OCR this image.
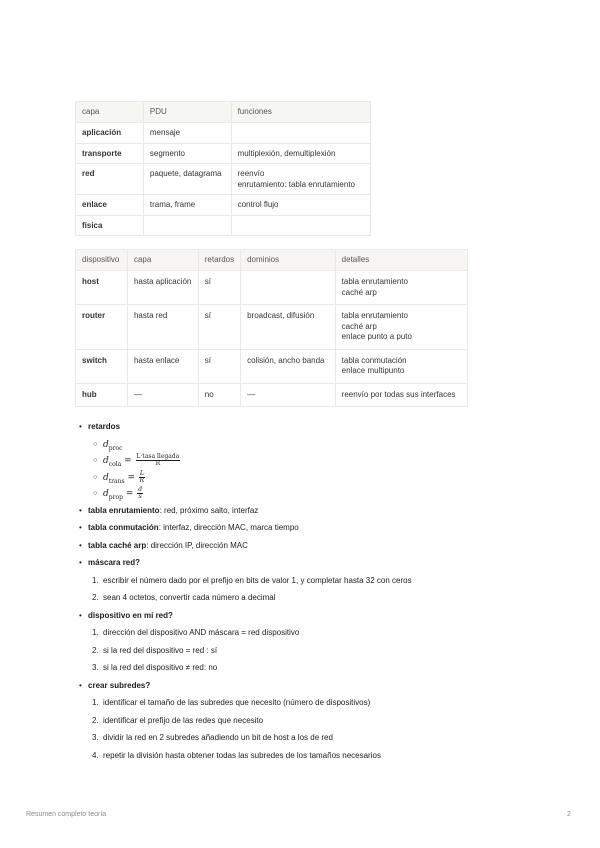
capa	PDU	funciones
aplicación	mensaje	
transporte	segmento	multiplexión, demultiplexión
red	paquete, datagrama	reenvío
enrutamiento: tabla enrutamiento

enlace	trama, frame	control flujo
física		
dispositivo	capa	retardos	dominios	detalles
host	hasta aplicación	sí		tabla enrutamiento
caché arp

router	hasta red	sí	broadcast, difusión	tabla enrutamiento
caché arp
enlace punto a puto

switch	hasta enlace	sí	colisión, ancho banda	tabla conmutación
enlace multipunto

hub	—	no	—	reenvío por todas sus interfaces
• retardos
○ $d_{proc}$
○ $d_{cola} = \frac{\text{L·tasa llegada}}{R}$
○ $d_{trans} = \frac{L}{R}$
○ $d_{prop} = \frac{d}{s}$
• tabla enrutamiento: red, próximo salto, interfaz
• tabla conmutación: interfaz, dirección MAC, marca tiempo
• tabla caché arp: dirección IP, dirección MAC
• máscara red?
1. escribir el número dado por el prefijo en bits de valor 1, y completar hasta 32 con ceros
2. sean 4 octetos, convertir cada número a decimal
• dispositivo en mi red?
1. dirección del dispositivo AND máscara = red dispositivo
2. si la red del dispositivo = red : sí
3. si la red del dispositivo ≠ red: no
• crear subredes?
1. identificar el tamaño de las subredes que necesito (número de dispositivos)
2. identificar el prefijo de las redes que necesito
3. dividir la red en 2 subredes añadiendo un bit de host a los de red
4. repetir la división hasta obtener todas las subredes de los tamaños necesarios
Resumen completo teoría	2
